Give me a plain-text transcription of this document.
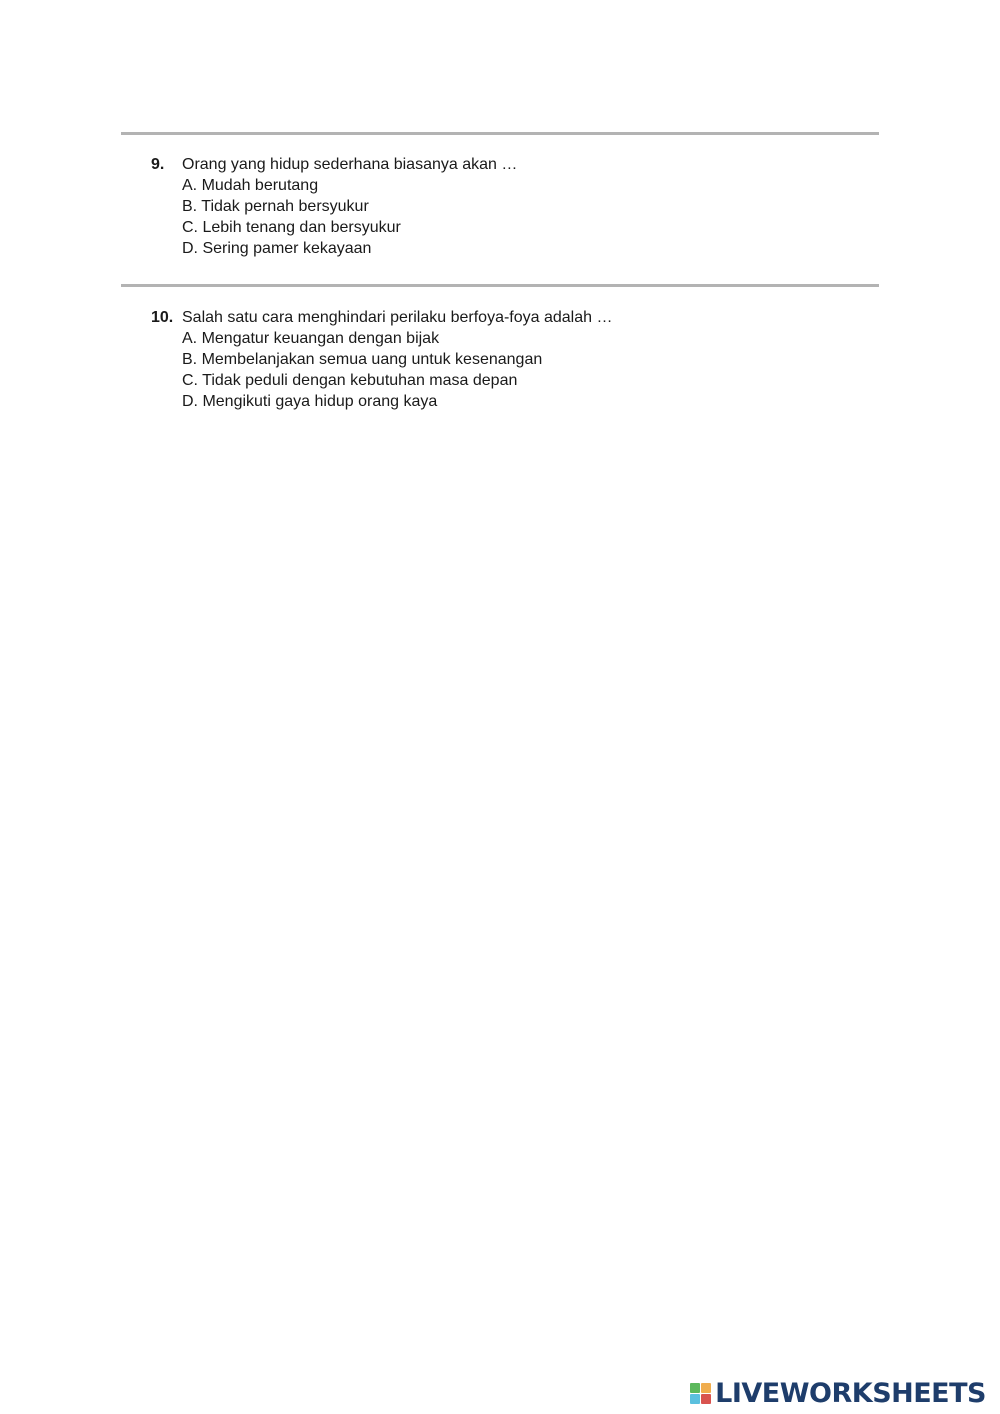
9. Orang yang hidup sederhana biasanya akan …
A. Mudah berutang
B. Tidak pernah bersyukur
C. Lebih tenang dan bersyukur
D. Sering pamer kekayaan
10. Salah satu cara menghindari perilaku berfoya-foya adalah …
A. Mengatur keuangan dengan bijak
B. Membelanjakan semua uang untuk kesenangan
C. Tidak peduli dengan kebutuhan masa depan
D. Mengikuti gaya hidup orang kaya
LIVEWORKSHEETS
